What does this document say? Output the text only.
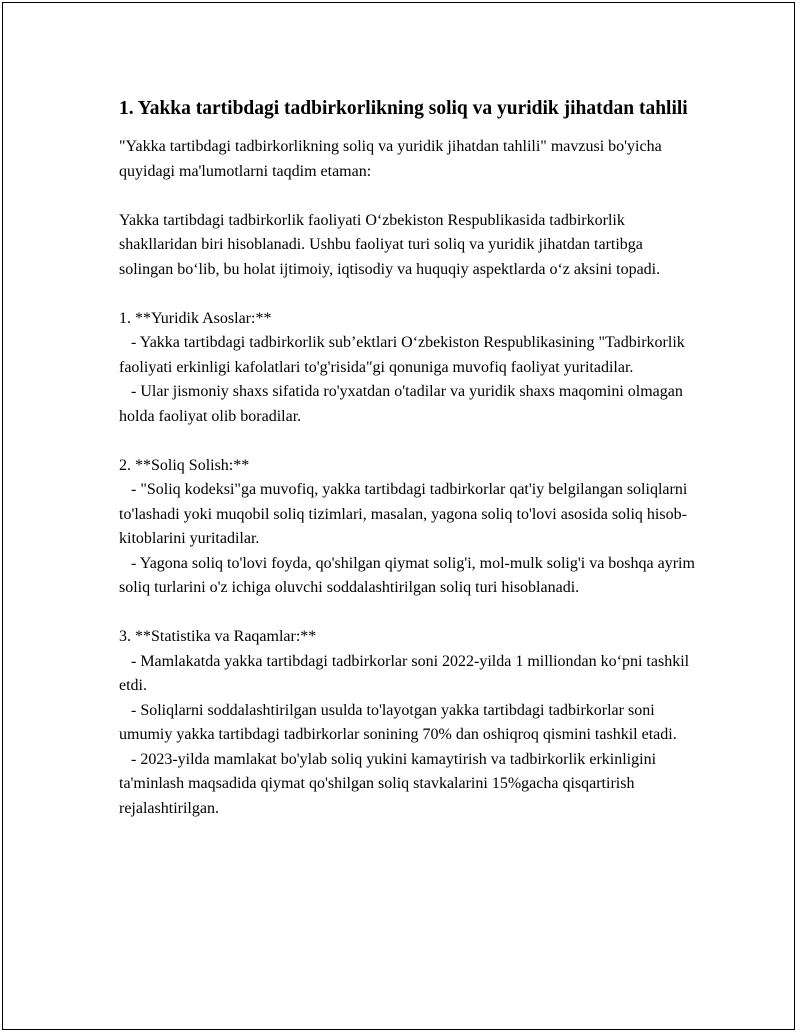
1. Yakka tartibdagi tadbirkorlikning soliq va yuridik jihatdan tahlili

"Yakka tartibdagi tadbirkorlikning soliq va yuridik jihatdan tahlili" mavzusi bo'yicha quyidagi ma'lumotlarni taqdim etaman:

Yakka tartibdagi tadbirkorlik faoliyati O‘zbekiston Respublikasida tadbirkorlik shakllaridan biri hisoblanadi. Ushbu faoliyat turi soliq va yuridik jihatdan tartibga solingan bo‘lib, bu holat ijtimoiy, iqtisodiy va huquqiy aspektlarda o‘z aksini topadi.

1. **Yuridik Asoslar:**
- Yakka tartibdagi tadbirkorlik sub’ektlari O‘zbekiston Respublikasining "Tadbirkorlik faoliyati erkinligi kafolatlari to'g'risida"gi qonuniga muvofiq faoliyat yuritadilar.
- Ular jismoniy shaxs sifatida ro'yxatdan o'tadilar va yuridik shaxs maqomini olmagan holda faoliyat olib boradilar.

2. **Soliq Solish:**
- "Soliq kodeksi"ga muvofiq, yakka tartibdagi tadbirkorlar qat'iy belgilangan soliqlarni to'lashadi yoki muqobil soliq tizimlari, masalan, yagona soliq to'lovi asosida soliq hisob-kitoblarini yuritadilar.
- Yagona soliq to'lovi foyda, qo'shilgan qiymat solig'i, mol-mulk solig'i va boshqa ayrim soliq turlarini o'z ichiga oluvchi soddalashtirilgan soliq turi hisoblanadi.

3. **Statistika va Raqamlar:**
- Mamlakatda yakka tartibdagi tadbirkorlar soni 2022-yilda 1 milliondan ko‘pni tashkil etdi.
- Soliqlarni soddalashtirilgan usulda to'layotgan yakka tartibdagi tadbirkorlar soni umumiy yakka tartibdagi tadbirkorlar sonining 70% dan oshiqroq qismini tashkil etadi.
- 2023-yilda mamlakat bo'ylab soliq yukini kamaytirish va tadbirkorlik erkinligini ta'minlash maqsadida qiymat qo'shilgan soliq stavkalarini 15%gacha qisqartirish rejalashtirilgan.
